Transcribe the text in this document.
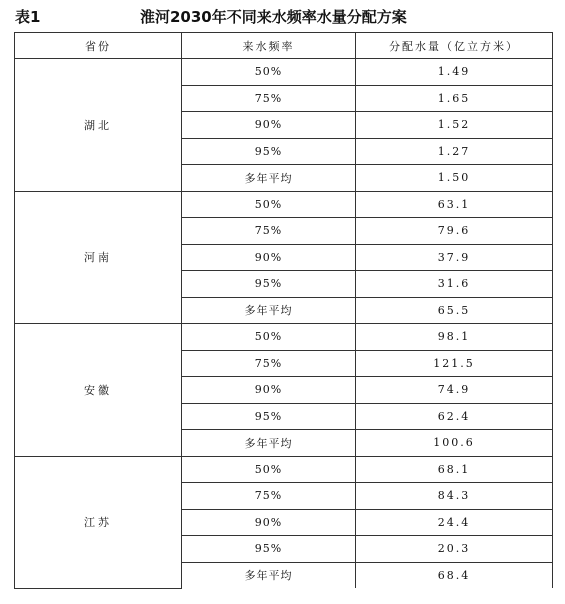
表1	淮河2030年不同来水频率水量分配方案
省份	来水频率	分配水量（亿立方米）
湖北	50%	1.49
	75%	1.65
	90%	1.52
	95%	1.27
	多年平均	1.50
河南	50%	63.1
	75%	79.6
	90%	37.9
	95%	31.6
	多年平均	65.5
安徽	50%	98.1
	75%	121.5
	90%	74.9
	95%	62.4
	多年平均	100.6
江苏	50%	68.1
	75%	84.3
	90%	24.4
	95%	20.3
	多年平均	68.4
